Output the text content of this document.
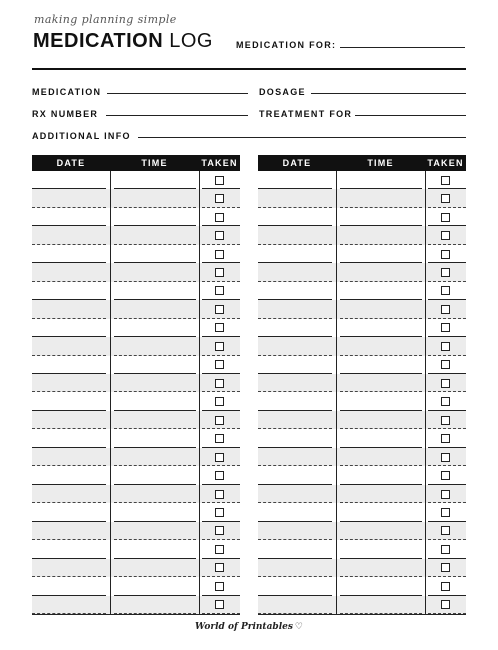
making planning simple
MEDICATION LOG	MEDICATION FOR:
MEDICATION	DOSAGE
RX NUMBER	TREATMENT FOR
ADDITIONAL INFO
DATE	TIME	TAKEN	DATE	TIME	TAKEN
World of Printables ♡
